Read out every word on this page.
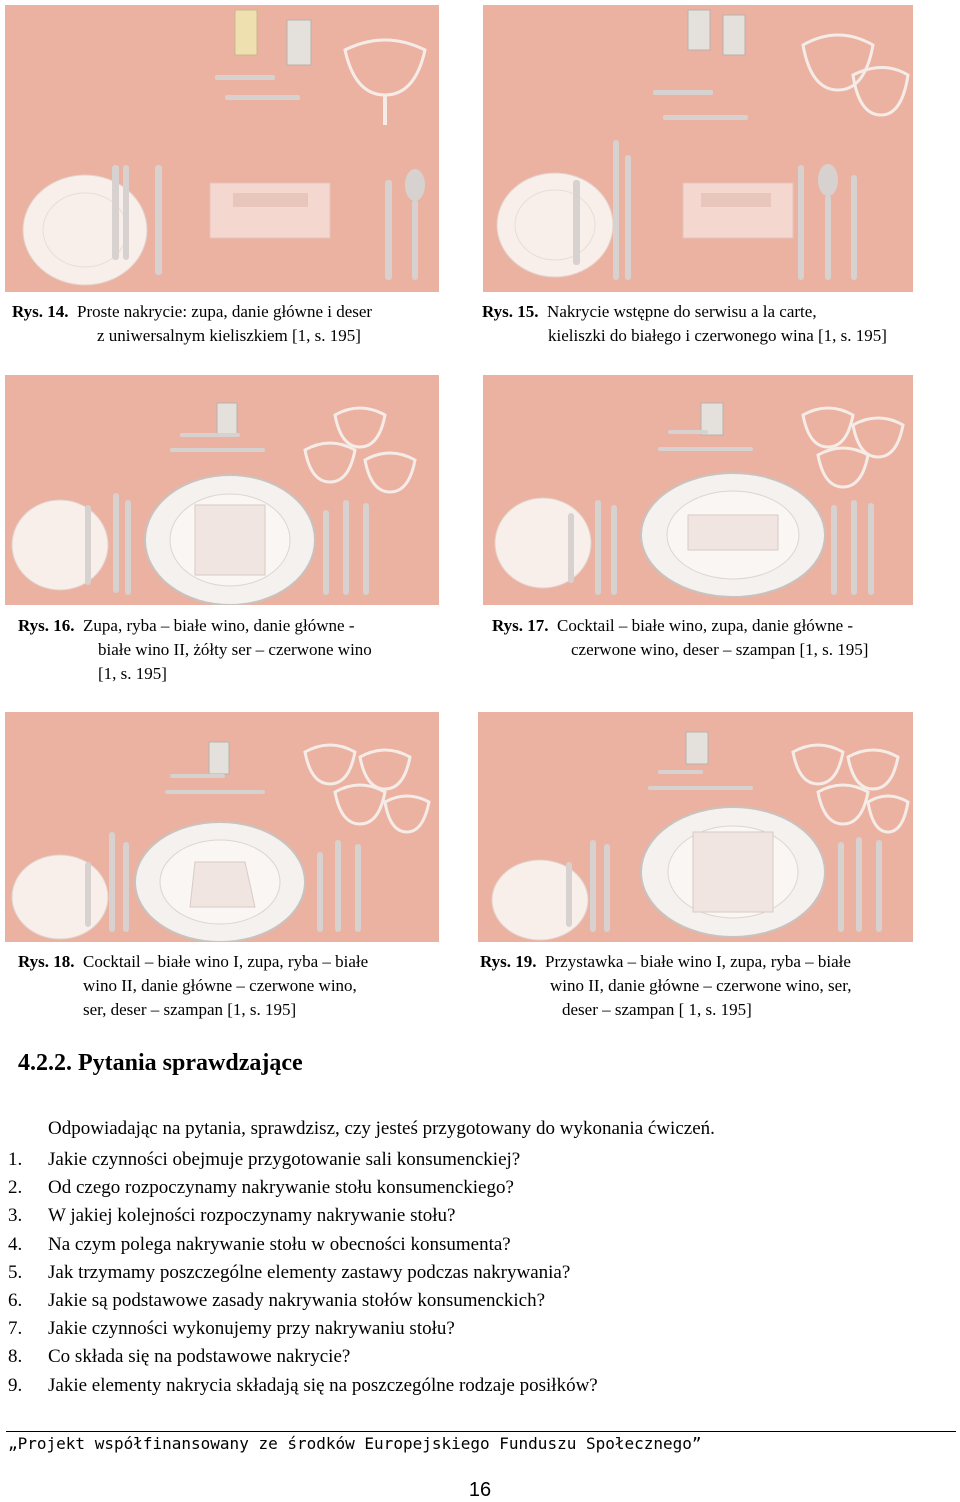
Rys. 14. Proste nakrycie: zupa, danie główne i deser
z uniwersalnym kieliszkiem [1, s. 195]
Rys. 15. Nakrycie wstępne do serwisu a la carte,
kieliszki do białego i czerwonego wina [1, s. 195]
Rys. 16. Zupa, ryba – białe wino, danie główne -
białe wino II, żółty ser – czerwone wino
[1, s. 195]
Rys. 17. Cocktail – białe wino, zupa, danie główne -
czerwone wino, deser – szampan [1, s. 195]
Rys. 18. Cocktail – białe wino I, zupa, ryba – białe
wino II, danie główne – czerwone wino,
ser, deser – szampan [1, s. 195]
Rys. 19. Przystawka – białe wino I, zupa, ryba – białe
wino II, danie główne – czerwone wino, ser,
deser – szampan [ 1, s. 195]
4.2.2. Pytania sprawdzające
Odpowiadając na pytania, sprawdzisz, czy jesteś przygotowany do wykonania ćwiczeń.
1.	Jakie czynności obejmuje przygotowanie sali konsumenckiej?
2.	Od czego rozpoczynamy nakrywanie stołu konsumenckiego?
3.	W jakiej kolejności rozpoczynamy nakrywanie stołu?
4.	Na czym polega nakrywanie stołu w obecności konsumenta?
5.	Jak trzymamy poszczególne elementy zastawy podczas nakrywania?
6.	Jakie są podstawowe zasady nakrywania stołów konsumenckich?
7.	Jakie czynności wykonujemy przy nakrywaniu stołu?
8.	Co składa się na podstawowe nakrycie?
9.	Jakie elementy nakrycia składają się na poszczególne rodzaje posiłków?
„Projekt współfinansowany ze środków Europejskiego Funduszu Społecznego”
16
